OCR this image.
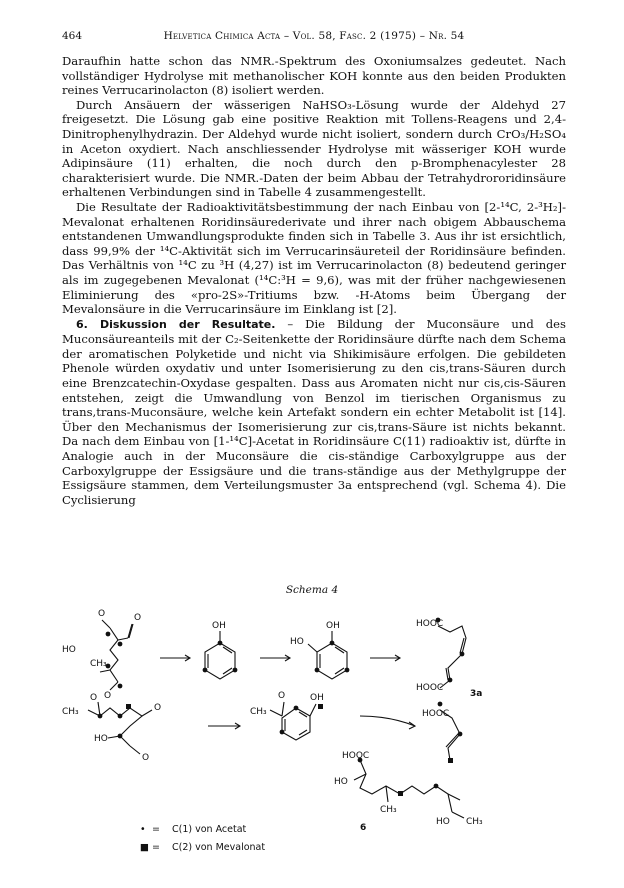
464	Helvetica Chimica Acta – Vol. 58, Fasc. 2 (1975) – Nr. 54

Daraufhin hatte schon das NMR.-Spektrum des Oxoniumsalzes gedeutet. Nach vollständiger Hydrolyse mit methanolischer KOH konnte aus den beiden Produkten reines Verrucarinolacton (8) isoliert werden.

Durch Ansäuern der wässerigen NaHSO₃-Lösung wurde der Aldehyd 27 freigesetzt. Die Lösung gab eine positive Reaktion mit Tollens-Reagens und 2,4-Dinitrophenylhydrazin. Der Aldehyd wurde nicht isoliert, sondern durch CrO₃/H₂SO₄ in Aceton oxydiert. Nach anschliessender Hydrolyse mit wässeriger KOH wurde Adipinsäure (11) erhalten, die noch durch den p-Bromphenacylester 28 charakterisiert wurde. Die NMR.-Daten der beim Abbau der Tetrahydrororidinsäure erhaltenen Verbindungen sind in Tabelle 4 zusammengestellt.

Die Resultate der Radioaktivitätsbestimmung der nach Einbau von [2-¹⁴C, 2-³H₂]-Mevalonat erhaltenen Roridinsäurederivate und ihrer nach obigem Abbauschema entstandenen Umwandlungsprodukte finden sich in Tabelle 3. Aus ihr ist ersichtlich, dass 99,9% der ¹⁴C-Aktivität sich im Verrucarinsäureteil der Roridinsäure befinden. Das Verhältnis von ¹⁴C zu ³H (4,27) ist im Verrucarinolacton (8) bedeutend geringer als im zugegebenen Mevalonat (¹⁴C:³H = 9,6), was mit der früher nachgewiesenen Eliminierung des «pro-2S»-Tritiums bzw. -H-Atoms beim Übergang der Mevalonsäure in die Verrucarinsäure im Einklang ist [2].

6. Diskussion der Resultate. – Die Bildung der Muconsäure und des Muconsäureanteils mit der C₂-Seitenkette der Roridinsäure dürfte nach dem Schema der aromatischen Polyketide und nicht via Shikimisäure erfolgen. Die gebildeten Phenole würden oxydativ und unter Isomerisierung zu den cis,trans-Säuren durch eine Brenzcatechin-Oxydase gespalten. Dass aus Aromaten nicht nur cis,cis-Säuren entstehen, zeigt die Umwandlung von Benzol im tierischen Organismus zu trans,trans-Muconsäure, welche kein Artefakt sondern ein echter Metabolit ist [14]. Über den Mechanismus der Isomerisierung zur cis,trans-Säure ist nichts bekannt. Da nach dem Einbau von [1-¹⁴C]-Acetat in Roridinsäure C(11) radioaktiv ist, dürfte in Analogie auch in der Muconsäure die cis-ständige Carboxylgruppe aus der Carboxylgruppe der Essigsäure und die trans-ständige aus der Methylgruppe der Essigsäure stammen, dem Verteilungsmuster 3a entsprechend (vgl. Schema 4). Die Cyclisierung

Schema 4
O
HO
CH₃
O
O
OH	OH
HO
HOOC
HOOC
3a
CH₃
O
HO
O
O
CH₃
O	OH
HOOC
HOOC
HO
CH₃
HO CH₃
6
• = C(1) von Acetat
■ = C(2) von Mevalonat
